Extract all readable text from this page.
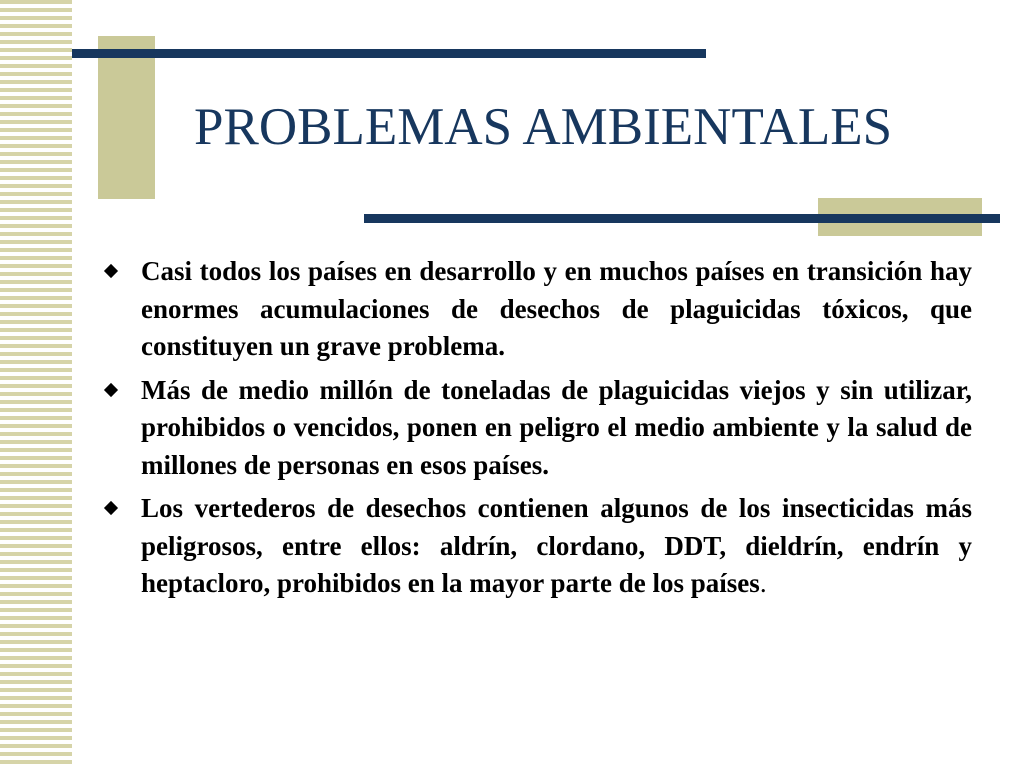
PROBLEMAS AMBIENTALES
Casi todos los países en desarrollo y en muchos países en transición hay enormes acumulaciones de desechos de plaguicidas tóxicos, que constituyen un grave problema.
Más de medio millón de toneladas de plaguicidas viejos y sin utilizar, prohibidos o vencidos, ponen en peligro el medio ambiente y la salud de millones de personas en esos países.
Los vertederos de desechos contienen algunos de los insecticidas más peligrosos, entre ellos: aldrín, clordano, DDT, dieldrín, endrín y heptacloro, prohibidos en la mayor parte de los países.
